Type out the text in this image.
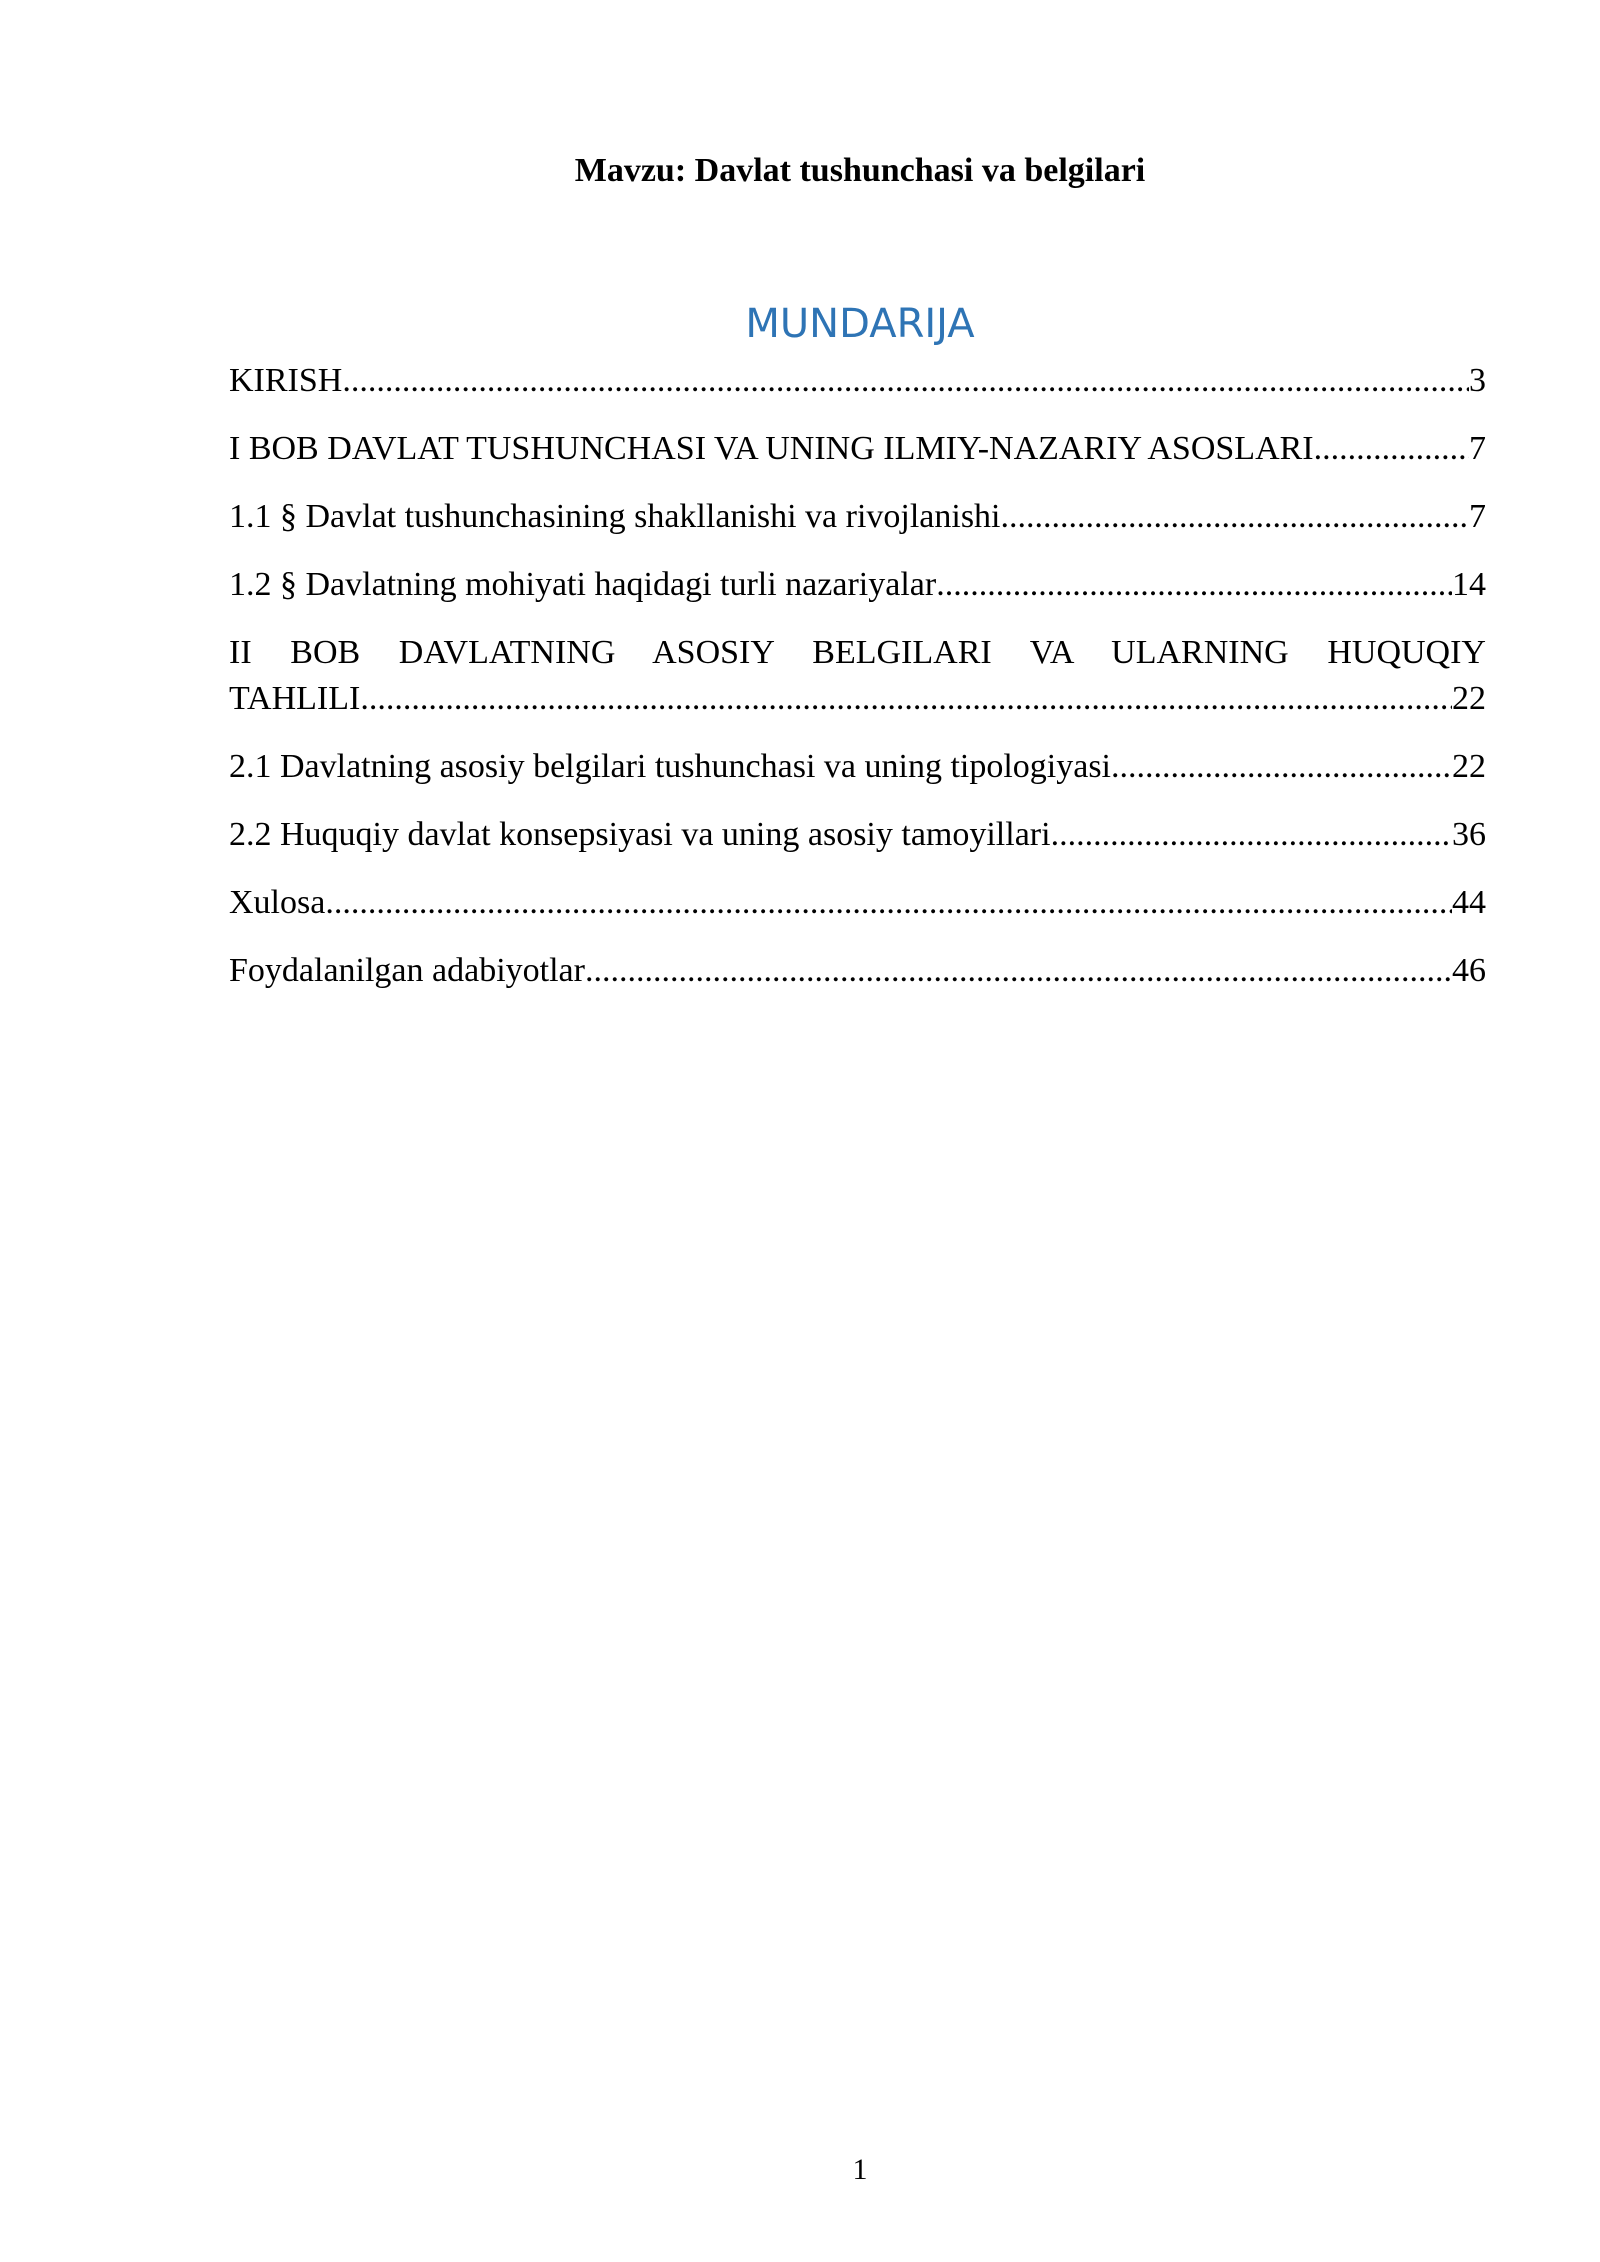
Mavzu: Davlat tushunchasi va belgilari
MUNDARIJA
KIRISH .....	3
I BOB DAVLAT TUSHUNCHASI VA UNING ILMIY-NAZARIY ASOSLARI .....	7
1.1 § Davlat tushunchasining shakllanishi va rivojlanishi .....	7
1.2 § Davlatning mohiyati haqidagi turli nazariyalar .....	14
II BOB DAVLATNING ASOSIY BELGILARI VA ULARNING HUQUQIY
TAHLILI .....	22
2.1 Davlatning asosiy belgilari tushunchasi va uning tipologiyasi .....	22
2.2 Huquqiy davlat konsepsiyasi va uning asosiy tamoyillari .....	36
Xulosa .....	44
Foydalanilgan adabiyotlar .....	46
1
